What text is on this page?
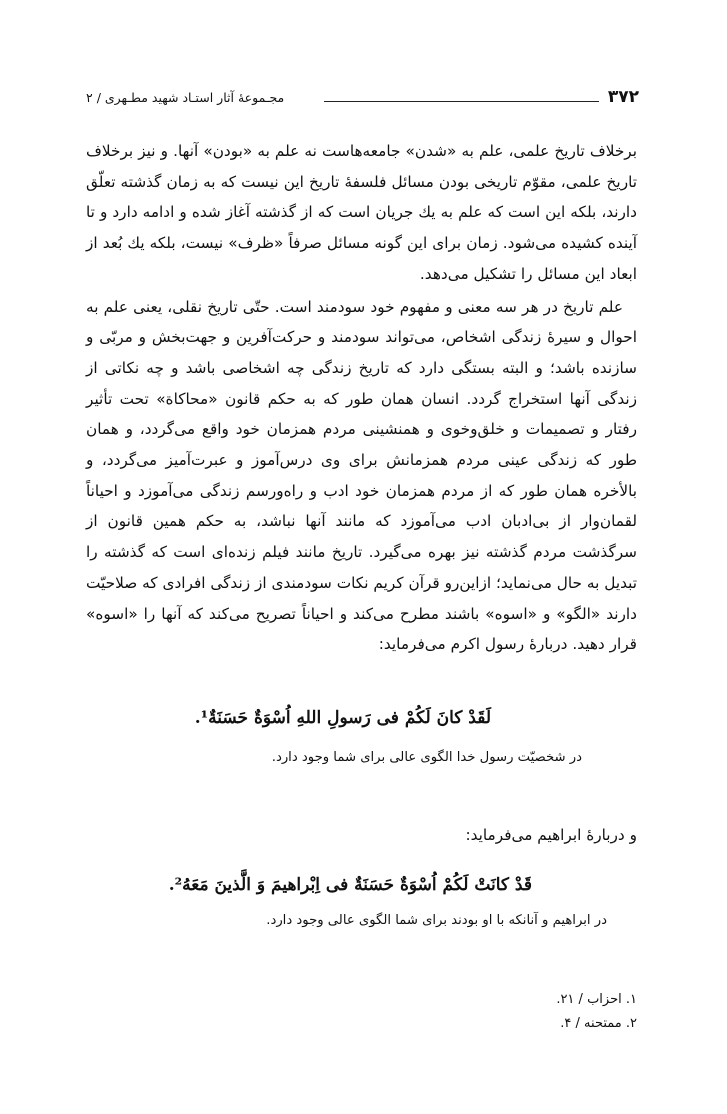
۳۷۲
مجـموعهٔ آثار استـاد شهید مطـهری / ۲

برخلاف تاریخ علمی، علم به «شدن» جامعه‌هاست نه علم به «بودن» آنها. و نیز برخلاف تاریخ علمی، مقوّم تاریخی بودن مسائل فلسفهٔ تاریخ این نیست که به زمان گذشته تعلّق دارند، بلکه این است که علم به یك جریان است که از گذشته آغاز شده و ادامه دارد و تا آینده کشیده می‌شود. زمان برای این گونه مسائل صرفاً «ظرف» نیست، بلکه یك بُعد از ابعاد این مسائل را تشکیل می‌دهد.

علم تاریخ در هر سه معنی و مفهوم خود سودمند است. حتّی تاریخ نقلی، یعنی علم به احوال و سیرهٔ زندگی اشخاص، می‌تواند سودمند و حرکت‌آفرین و جهت‌بخش و مربّی و سازنده باشد؛ و البته بستگی دارد که تاریخ زندگی چه اشخاصی باشد و چه نکاتی از زندگی آنها استخراج گردد. انسان همان طور که به حکم قانون «محاکاة» تحت تأثیر رفتار و تصمیمات و خلق‌وخوی و همنشینی مردم همزمان خود واقع می‌گردد، و همان طور که زندگی عینی مردم همزمانش برای وی درس‌آموز و عبرت‌آمیز می‌گردد، و بالأخره همان طور که از مردم همزمان خود ادب و راه‌ورسم زندگی می‌آموزد و احیاناً لقمان‌وار از بی‌ادبان ادب می‌آموزد که مانند آنها نباشد، به حکم همین قانون از سرگذشت مردم گذشته نیز بهره می‌گیرد. تاریخ مانند فیلم زنده‌ای است که گذشته را تبدیل به حال می‌نماید؛ ازاین‌رو قرآن کریم نکات سودمندی از زندگی افرادی که صلاحیّت دارند «الگو» و «اسوه» باشند مطرح می‌کند و احیاناً تصریح می‌کند که آنها را «اسوه» قرار دهید. دربارهٔ رسول اکرم می‌فرماید:

لَقَدْ كانَ لَكُمْ فى رَسولِ اللهِ اُسْوَةٌ حَسَنَةٌ¹.
در شخصیّت رسول خدا الگوی عالی برای شما وجود دارد.
و دربارهٔ ابراهیم می‌فرماید:
قَدْ كانَتْ لَكُمْ اُسْوَةٌ حَسَنَةٌ فى اِبْراهيمَ وَ الَّذينَ مَعَهُ².
در ابراهیم و آنانکه با او بودند برای شما الگوی عالی وجود دارد.
۱. احزاب / ۲۱.
۲. ممتحنه / ۴.
